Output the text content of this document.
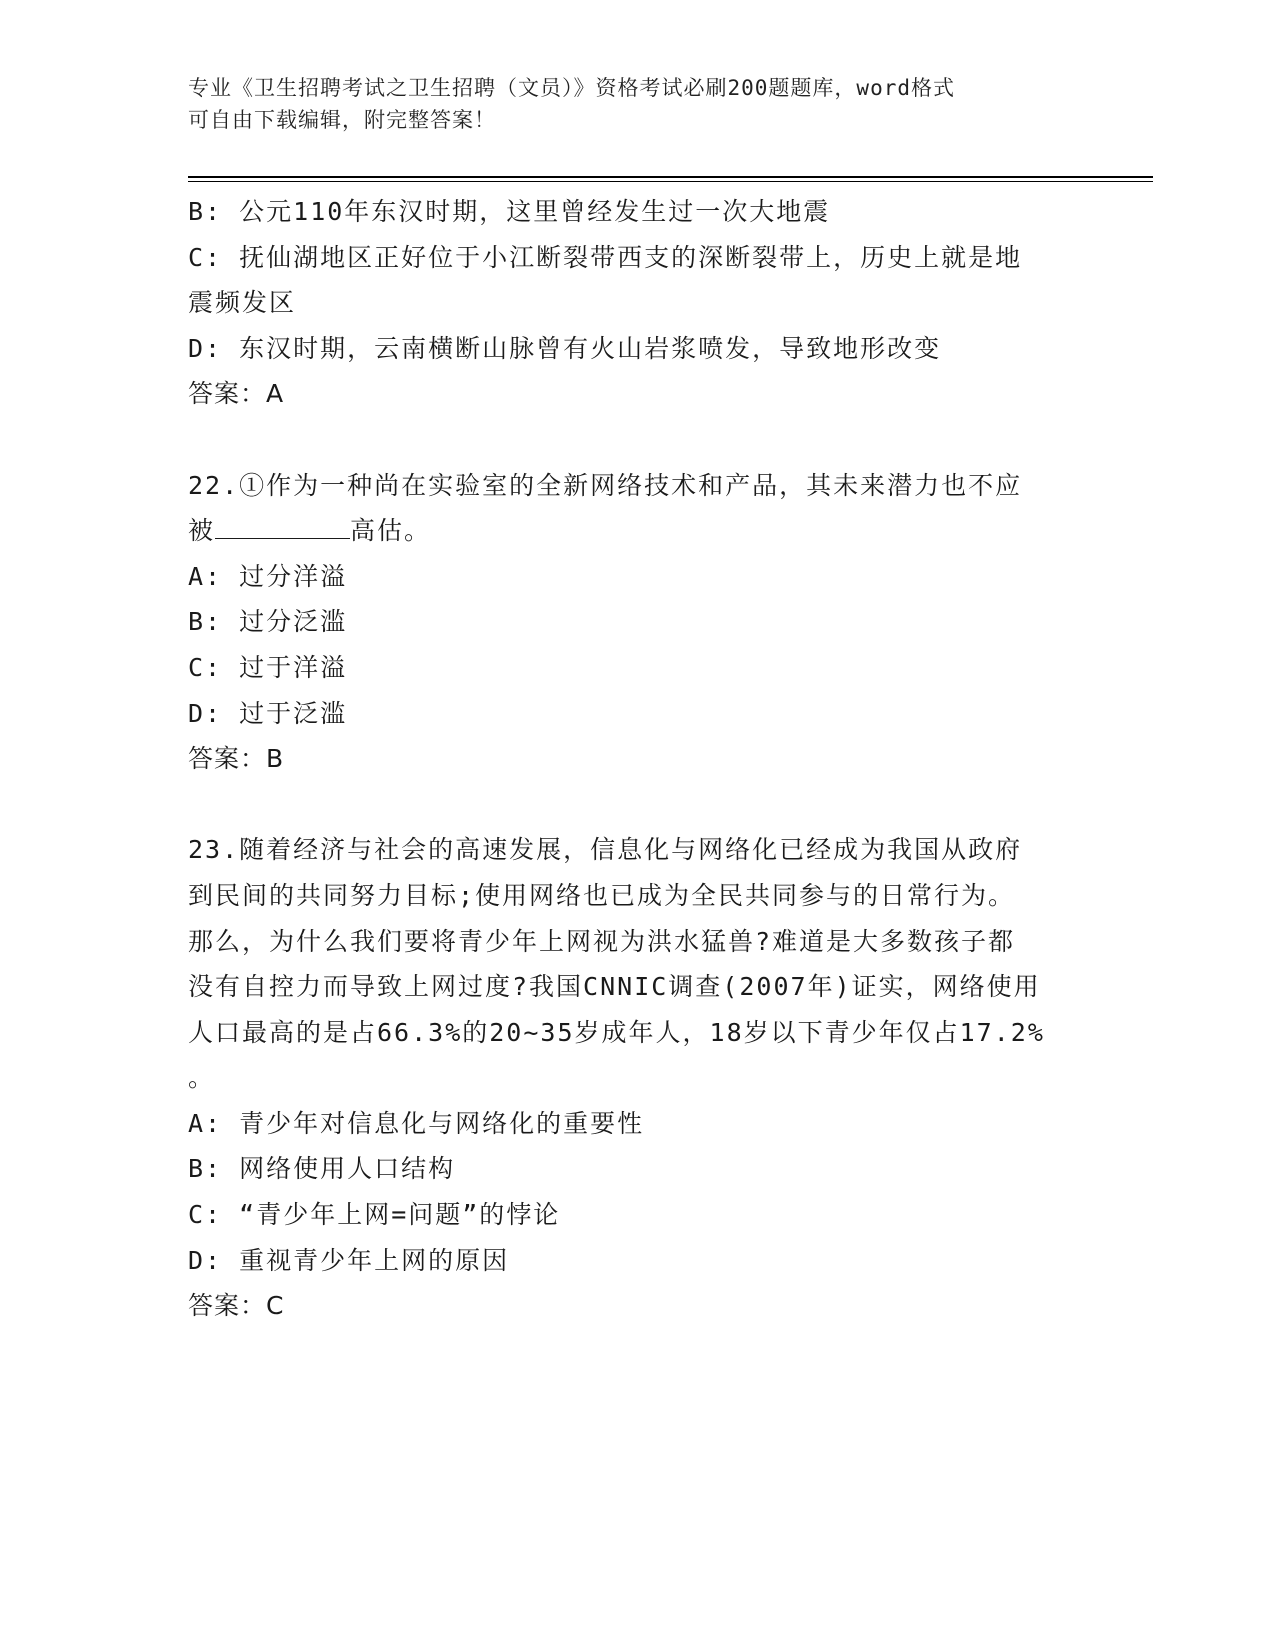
专业《卫生招聘考试之卫生招聘（文员）》资格考试必刷200题题库，word格式
可自由下载编辑，附完整答案！
B: 公元110年东汉时期，这里曾经发生过一次大地震
C: 抚仙湖地区正好位于小江断裂带西支的深断裂带上，历史上就是地
震频发区
D: 东汉时期，云南横断山脉曾有火山岩浆喷发，导致地形改变
答案：A
22.①作为一种尚在实验室的全新网络技术和产品，其未来潜力也不应
被	高估。
A: 过分洋溢
B: 过分泛滥
C: 过于洋溢
D: 过于泛滥
答案：B
23.随着经济与社会的高速发展，信息化与网络化已经成为我国从政府
到民间的共同努力目标;使用网络也已成为全民共同参与的日常行为。
那么，为什么我们要将青少年上网视为洪水猛兽?难道是大多数孩子都
没有自控力而导致上网过度?我国CNNIC调查(2007年)证实，网络使用
人口最高的是占66.3%的20~35岁成年人，18岁以下青少年仅占17.2%
。
A: 青少年对信息化与网络化的重要性
B: 网络使用人口结构
C: “青少年上网=问题”的悖论
D: 重视青少年上网的原因
答案：C
